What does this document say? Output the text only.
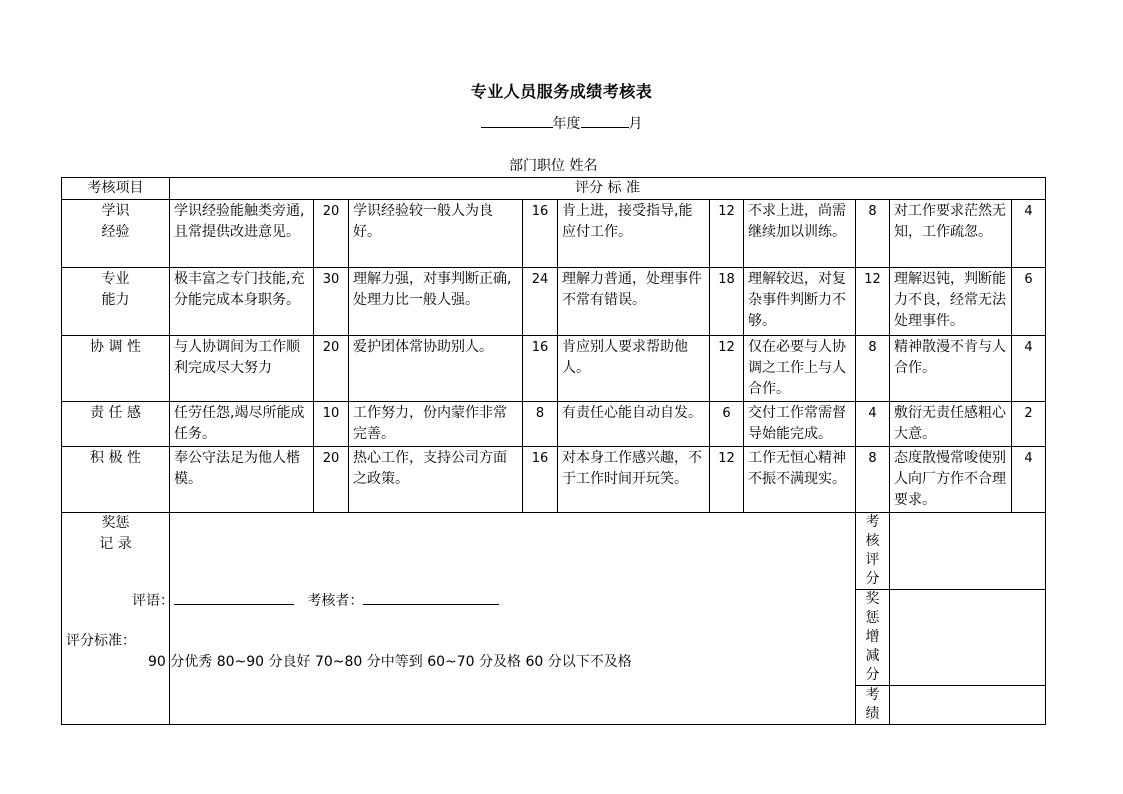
专业人员服务成绩考核表
年度	月
部门职位 姓名
考核项目	评分 标 准									
学识
经验	学识经验能触类旁通,且常提供改进意见。	20	学识经验较一般人为良好。	16	肯上进，接受指导,能应付工作。	12	不求上进，尚需继续加以训练。	8	对工作要求茫然无知，工作疏忽。	4
专业
能力	极丰富之专门技能,充分能完成本身职务。	30	理解力强，对事判断正确,处理力比一般人强。	24	理解力普通，处理事件不常有错误。	18	理解较迟，对复杂事件判断力不够。	12	理解迟钝，判断能力不良，经常无法处理事件。	6
协 调 性	与人协调间为工作顺利完成尽大努力	20	爱护团体常协助别人。	16	肯应别人要求帮助他人。	12	仅在必要与人协调之工作上与人合作。	8	精神散漫不肯与人合作。	4
责 任 感	任劳任怨,竭尽所能成任务。	10	工作努力，份内蒙作非常完善。	8	有责任心能自动自发。	6	交付工作常需督导始能完成。	4	敷衍无责任感粗心大意。	2
积 极 性	奉公守法足为他人楷模。	20	热心工作，支持公司方面之政策。	16	对本身工作感兴趣，不于工作时间开玩笑。	12	工作无恒心精神不振不满现实。	8	态度散慢常唆使别人向厂方作不合理要求。	4
奖惩
记 录								考核评分		
								奖惩增减分		
								考绩		
评语：	考核者：
评分标准：
90 分优秀 80~90 分良好 70~80 分中等到 60~70 分及格 60 分以下不及格
